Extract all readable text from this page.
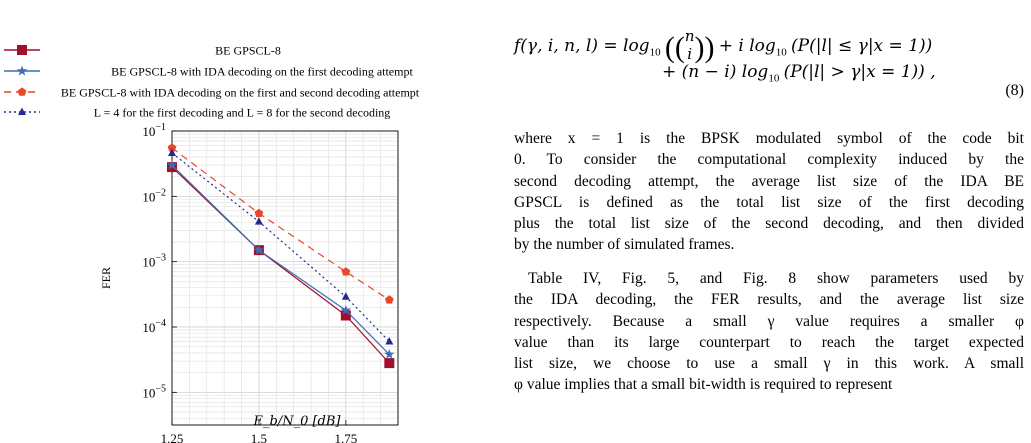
1.25	1.5	1.75
$10^{-1}$
$10^{-2}$
$10^{-3}$
$10^{-4}$
$10^{-5}$
FER
E_b/N_0 [dB]
BE GPSCL-8
BE GPSCL-8 with IDA decoding on the first decoding attempt
BE GPSCL-8 with IDA decoding on the first and second decoding attempt
L = 4 for the first decoding and L = 8 for the second decoding
f(γ, i, n, $l) = \log_{10} ((n$
i)) + i $\log_{10} (P(|l| \le \gamma|x = 1))$
+ (n − i) $\log_{10} (P(|l| > \gamma|x = 1))$ ,
(8)
where x = 1 is the BPSK modulated symbol of the code bit
0. To consider the computational complexity induced by the
second decoding attempt, the average list size of the IDA BE
GPSCL is defined as the total list size of the first decoding
plus the total list size of the second decoding, and then divided
by the number of simulated frames.
Table IV, Fig. 5, and Fig. 8 show parameters used by
the IDA decoding, the FER results, and the average list size
respectively. Because a small γ value requires a smaller φ
value than its large counterpart to reach the target expected
list size, we choose to use a small γ in this work. A small
φ value implies that a small bit-width is required to represent
